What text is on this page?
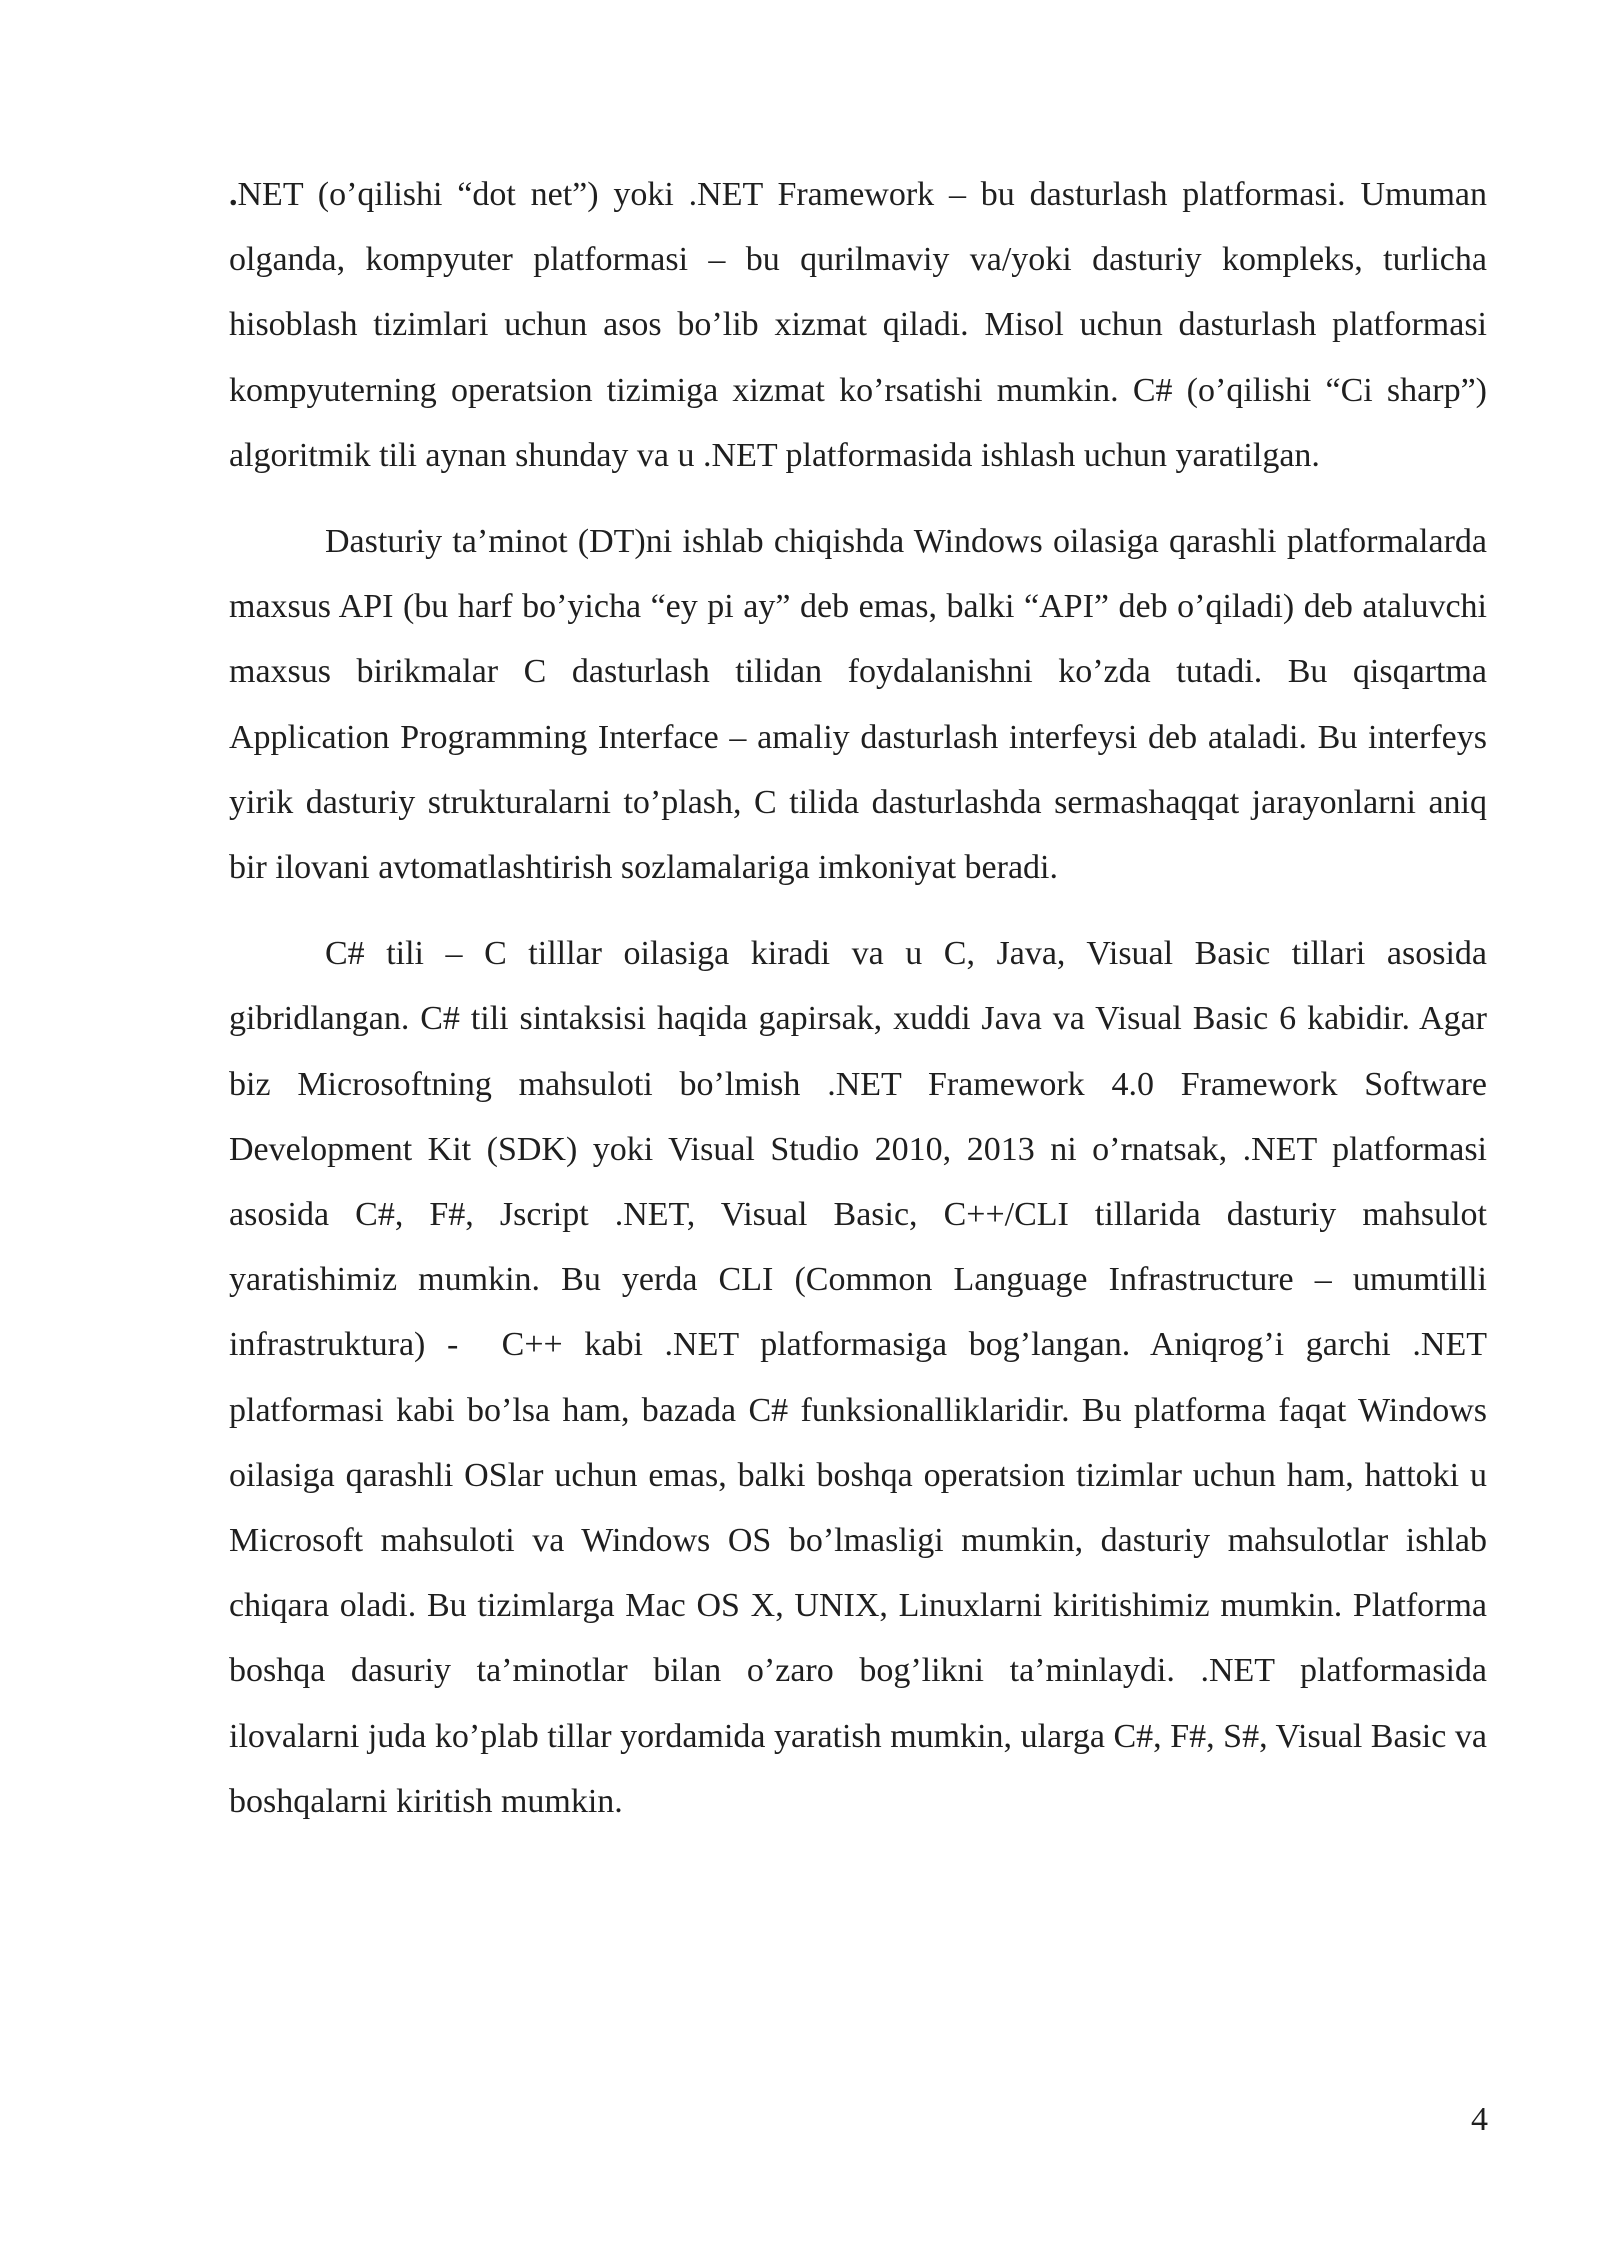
.NET (o’qilishi “dot net”) yoki .NET Framework – bu dasturlash platformasi. Umuman olganda, kompyuter platformasi – bu qurilmaviy va/yoki dasturiy kompleks, turlicha hisoblash tizimlari uchun asos bo’lib xizmat qiladi. Misol uchun dasturlash platformasi kompyuterning operatsion tizimiga xizmat ko’rsatishi mumkin. C# (o’qilishi “Ci sharp”) algoritmik tili aynan shunday va u .NET platformasida ishlash uchun yaratilgan.

Dasturiy ta’minot (DT)ni ishlab chiqishda Windows oilasiga qarashli platformalarda maxsus API (bu harf bo’yicha “ey pi ay” deb emas, balki “API” deb o’qiladi) deb ataluvchi maxsus birikmalar C dasturlash tilidan foydalanishni ko’zda tutadi. Bu qisqartma Application Programming Interface – amaliy dasturlash interfeysi deb ataladi. Bu interfeys yirik dasturiy strukturalarni to’plash, C tilida dasturlashda sermashaqqat jarayonlarni aniq bir ilovani avtomatlashtirish sozlamalariga imkoniyat beradi.

C# tili – C tilllar oilasiga kiradi va u C, Java, Visual Basic tillari asosida gibridlangan. C# tili sintaksisi haqida gapirsak, xuddi Java va Visual Basic 6 kabidir. Agar biz Microsoftning mahsuloti bo’lmish .NET Framework 4.0 Framework Software Development Kit (SDK) yoki Visual Studio 2010, 2013 ni o’rnatsak, .NET platformasi asosida C#, F#, Jscript .NET, Visual Basic, C++/CLI tillarida dasturiy mahsulot yaratishimiz mumkin. Bu yerda CLI (Common Language Infrastructure – umumtilli infrastruktura) -  C++ kabi .NET platformasiga bog’langan. Aniqrog’i garchi .NET platformasi kabi bo’lsa ham, bazada C# funksionalliklaridir. Bu platforma faqat Windows oilasiga qarashli OSlar uchun emas, balki boshqa operatsion tizimlar uchun ham, hattoki u Microsoft mahsuloti va Windows OS bo’lmasligi mumkin, dasturiy mahsulotlar ishlab chiqara oladi. Bu tizimlarga Mac OS X, UNIX, Linuxlarni kiritishimiz mumkin. Platforma boshqa dasuriy ta’minotlar bilan o’zaro bog’likni ta’minlaydi. .NET platformasida ilovalarni juda ko’plab tillar yordamida yaratish mumkin, ularga C#, F#, S#, Visual Basic va boshqalarni kiritish mumkin.

4
